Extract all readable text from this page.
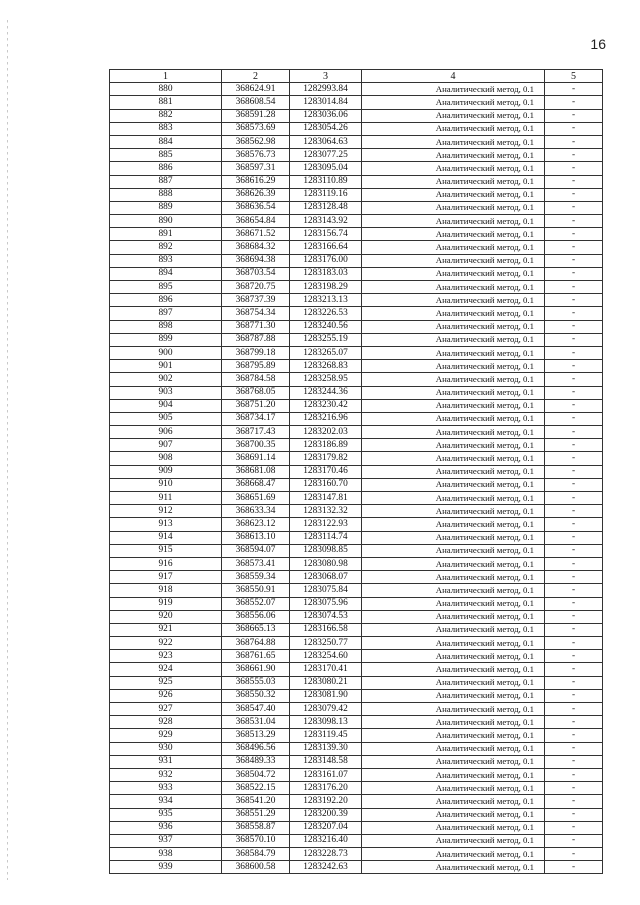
16
1	2	3	4	5
880	368624.91	1282993.84	Аналитический метод, 0.1	-
881	368608.54	1283014.84	Аналитический метод, 0.1	-
882	368591.28	1283036.06	Аналитический метод, 0.1	-
883	368573.69	1283054.26	Аналитический метод, 0.1	-
884	368562.98	1283064.63	Аналитический метод, 0.1	-
885	368576.73	1283077.25	Аналитический метод, 0.1	-
886	368597.31	1283095.04	Аналитический метод, 0.1	-
887	368616.29	1283110.89	Аналитический метод, 0.1	-
888	368626.39	1283119.16	Аналитический метод, 0.1	-
889	368636.54	1283128.48	Аналитический метод, 0.1	-
890	368654.84	1283143.92	Аналитический метод, 0.1	-
891	368671.52	1283156.74	Аналитический метод, 0.1	-
892	368684.32	1283166.64	Аналитический метод, 0.1	-
893	368694.38	1283176.00	Аналитический метод, 0.1	-
894	368703.54	1283183.03	Аналитический метод, 0.1	-
895	368720.75	1283198.29	Аналитический метод, 0.1	-
896	368737.39	1283213.13	Аналитический метод, 0.1	-
897	368754.34	1283226.53	Аналитический метод, 0.1	-
898	368771.30	1283240.56	Аналитический метод, 0.1	-
899	368787.88	1283255.19	Аналитический метод, 0.1	-
900	368799.18	1283265.07	Аналитический метод, 0.1	-
901	368795.89	1283268.83	Аналитический метод, 0.1	-
902	368784.58	1283258.95	Аналитический метод, 0.1	-
903	368768.05	1283244.36	Аналитический метод, 0.1	-
904	368751.20	1283230.42	Аналитический метод, 0.1	-
905	368734.17	1283216.96	Аналитический метод, 0.1	-
906	368717.43	1283202.03	Аналитический метод, 0.1	-
907	368700.35	1283186.89	Аналитический метод, 0.1	-
908	368691.14	1283179.82	Аналитический метод, 0.1	-
909	368681.08	1283170.46	Аналитический метод, 0.1	-
910	368668.47	1283160.70	Аналитический метод, 0.1	-
911	368651.69	1283147.81	Аналитический метод, 0.1	-
912	368633.34	1283132.32	Аналитический метод, 0.1	-
913	368623.12	1283122.93	Аналитический метод, 0.1	-
914	368613.10	1283114.74	Аналитический метод, 0.1	-
915	368594.07	1283098.85	Аналитический метод, 0.1	-
916	368573.41	1283080.98	Аналитический метод, 0.1	-
917	368559.34	1283068.07	Аналитический метод, 0.1	-
918	368550.91	1283075.84	Аналитический метод, 0.1	-
919	368552.07	1283075.96	Аналитический метод, 0.1	-
920	368556.06	1283074.53	Аналитический метод, 0.1	-
921	368665.13	1283166.58	Аналитический метод, 0.1	-
922	368764.88	1283250.77	Аналитический метод, 0.1	-
923	368761.65	1283254.60	Аналитический метод, 0.1	-
924	368661.90	1283170.41	Аналитический метод, 0.1	-
925	368555.03	1283080.21	Аналитический метод, 0.1	-
926	368550.32	1283081.90	Аналитический метод, 0.1	-
927	368547.40	1283079.42	Аналитический метод, 0.1	-
928	368531.04	1283098.13	Аналитический метод, 0.1	-
929	368513.29	1283119.45	Аналитический метод, 0.1	-
930	368496.56	1283139.30	Аналитический метод, 0.1	-
931	368489.33	1283148.58	Аналитический метод, 0.1	-
932	368504.72	1283161.07	Аналитический метод, 0.1	-
933	368522.15	1283176.20	Аналитический метод, 0.1	-
934	368541.20	1283192.20	Аналитический метод, 0.1	-
935	368551.29	1283200.39	Аналитический метод, 0.1	-
936	368558.87	1283207.04	Аналитический метод, 0.1	-
937	368570.10	1283216.40	Аналитический метод, 0.1	-
938	368584.79	1283228.73	Аналитический метод, 0.1	-
939	368600.58	1283242.63	Аналитический метод, 0.1	-
